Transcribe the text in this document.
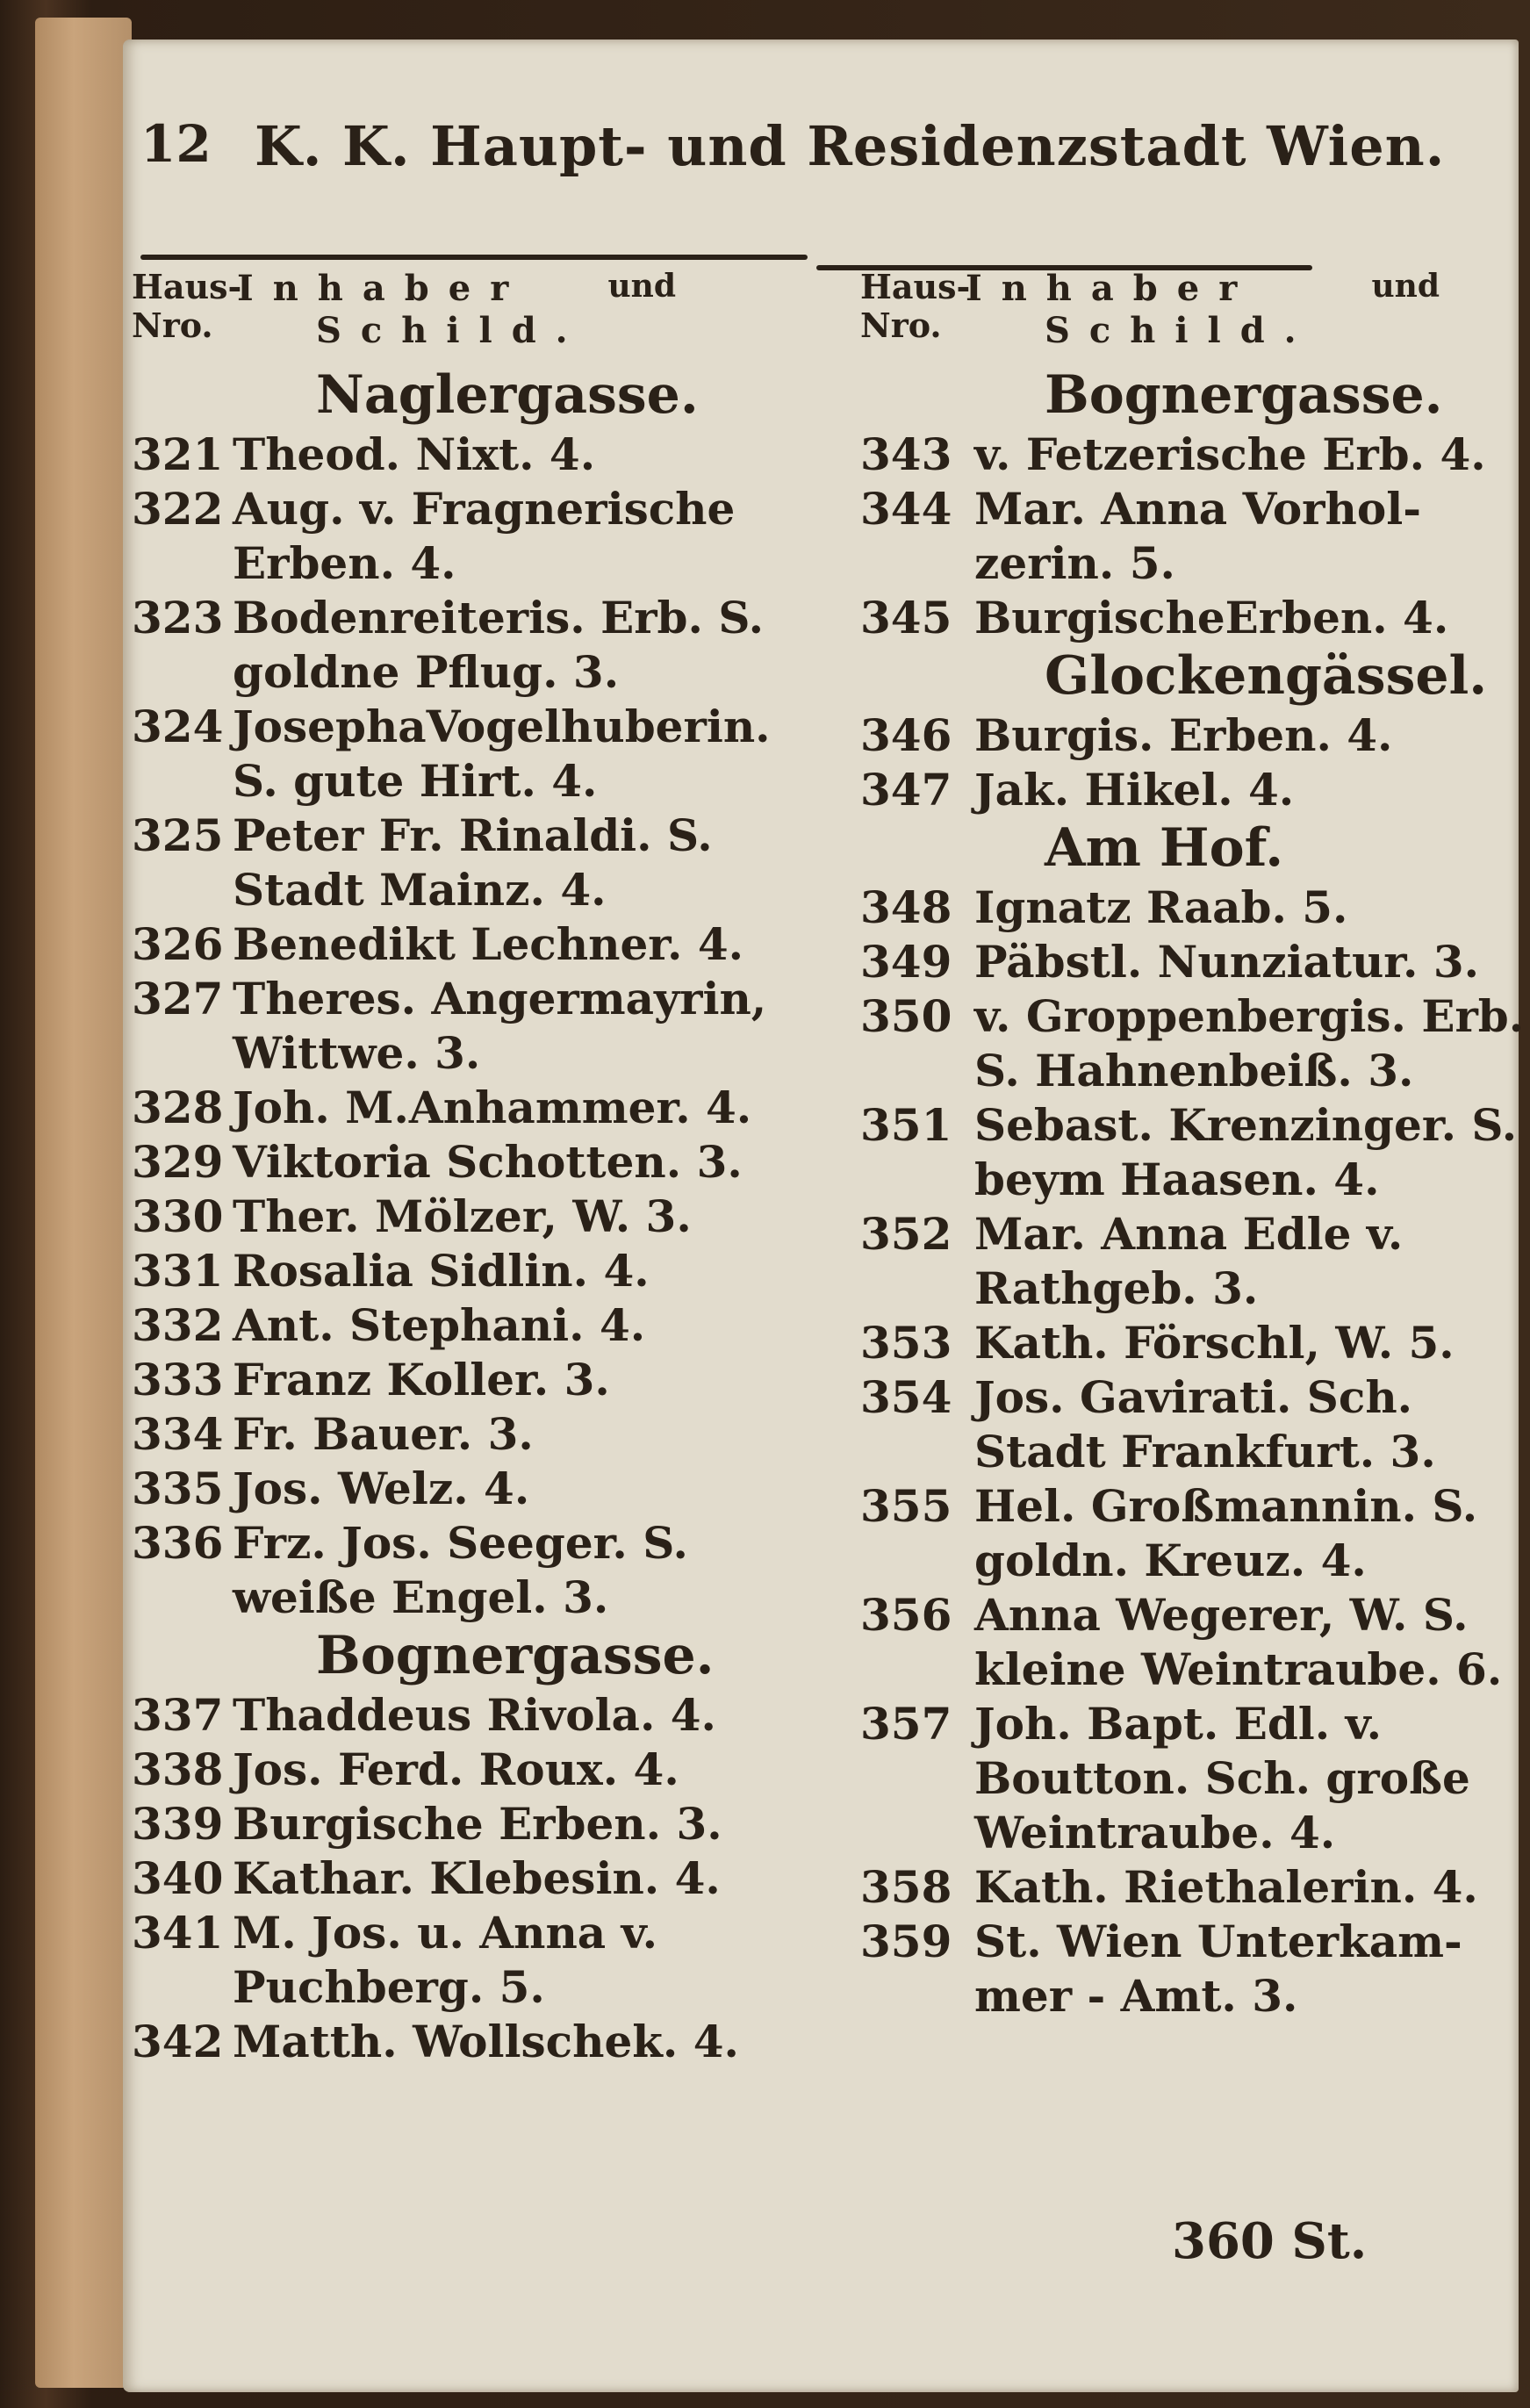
12 K. K. Haupt- und Residenzstadt Wien.
Haus-
Nro.
Inhaber	und
Schild.
Naglergasse.
321 Theod. Nixt. 4.
322 Aug. v. Fragnerische
Erben. 4.
323 Bodenreiteris. Erb. S.
goldne Pflug. 3.
324 JosephaVogelhuberin.
S. gute Hirt. 4.
325 Peter Fr. Rinaldi. S.
Stadt Mainz. 4.
326 Benedikt Lechner. 4.
327 Theres. Angermayrin,
Wittwe. 3.
328 Joh. M.Anhammer. 4.
329 Viktoria Schotten. 3.
330 Ther. Mölzer, W. 3.
331 Rosalia Sidlin. 4.
332 Ant. Stephani. 4.
333 Franz Koller. 3.
334 Fr. Bauer. 3.
335 Jos. Welz. 4.
336 Frz. Jos. Seeger. S.
weiße Engel. 3.
Bognergasse.
337 Thaddeus Rivola. 4.
338 Jos. Ferd. Roux. 4.
339 Burgische Erben. 3.
340 Kathar. Klebesin. 4.
341 M. Jos. u. Anna v.
Puchberg. 5.
342 Matth. Wollschek. 4.
Haus-
Nro.
Inhaber	und
Schild.
Bognergasse.
343 v. Fetzerische Erb. 4.
344 Mar. Anna Vorhol-
zerin. 5.
345 BurgischeErben. 4.
Glockengässel.
346 Burgis. Erben. 4.
347 Jak. Hikel. 4.
Am Hof.
348 Ignatz Raab. 5.
349 Päbstl. Nunziatur. 3.
350 v. Groppenbergis. Erb.
S. Hahnenbeiß. 3.
351 Sebast. Krenzinger. S.
beym Haasen. 4.
352 Mar. Anna Edle v.
Rathgeb. 3.
353 Kath. Förschl, W. 5.
354 Jos. Gavirati. Sch.
Stadt Frankfurt. 3.
355 Hel. Großmannin. S.
goldn. Kreuz. 4.
356 Anna Wegerer, W. S.
kleine Weintraube. 6.
357 Joh. Bapt. Edl. v.
Boutton. Sch. große
Weintraube. 4.
358 Kath. Riethalerin. 4.
359 St. Wien Unterkam-
mer - Amt. 3.
360 St.
